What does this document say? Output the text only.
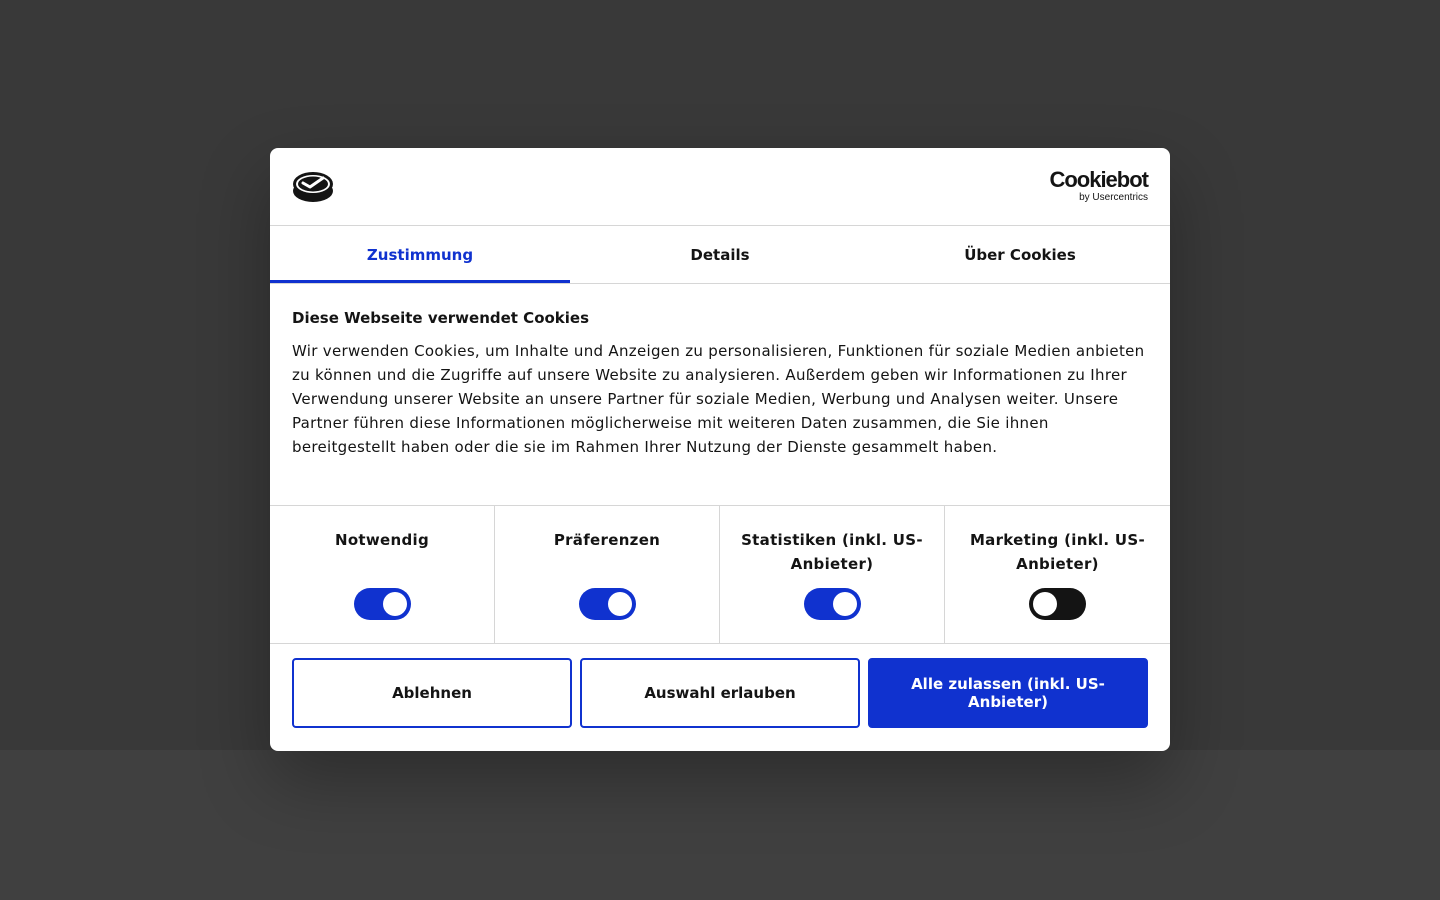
Cookiebot
by Usercentrics
Zustimmung	Details	Über Cookies
Diese Webseite verwendet Cookies

Wir verwenden Cookies, um Inhalte und Anzeigen zu personalisieren, Funktionen für soziale Medien anbieten zu können und die Zugriffe auf unsere Website zu analysieren. Außerdem geben wir Informationen zu Ihrer Verwendung unserer Website an unsere Partner für soziale Medien, Werbung und Analysen weiter. Unsere Partner führen diese Informationen möglicherweise mit weiteren Daten zusammen, die Sie ihnen bereitgestellt haben oder die sie im Rahmen Ihrer Nutzung der Dienste gesammelt haben.

Notwendig	Präferenzen	Statistiken (inkl. US-Anbieter)
Marketing (inkl. US-Anbieter)
Ablehnen	Auswahl erlauben	Alle zulassen (inkl. US-Anbieter)
